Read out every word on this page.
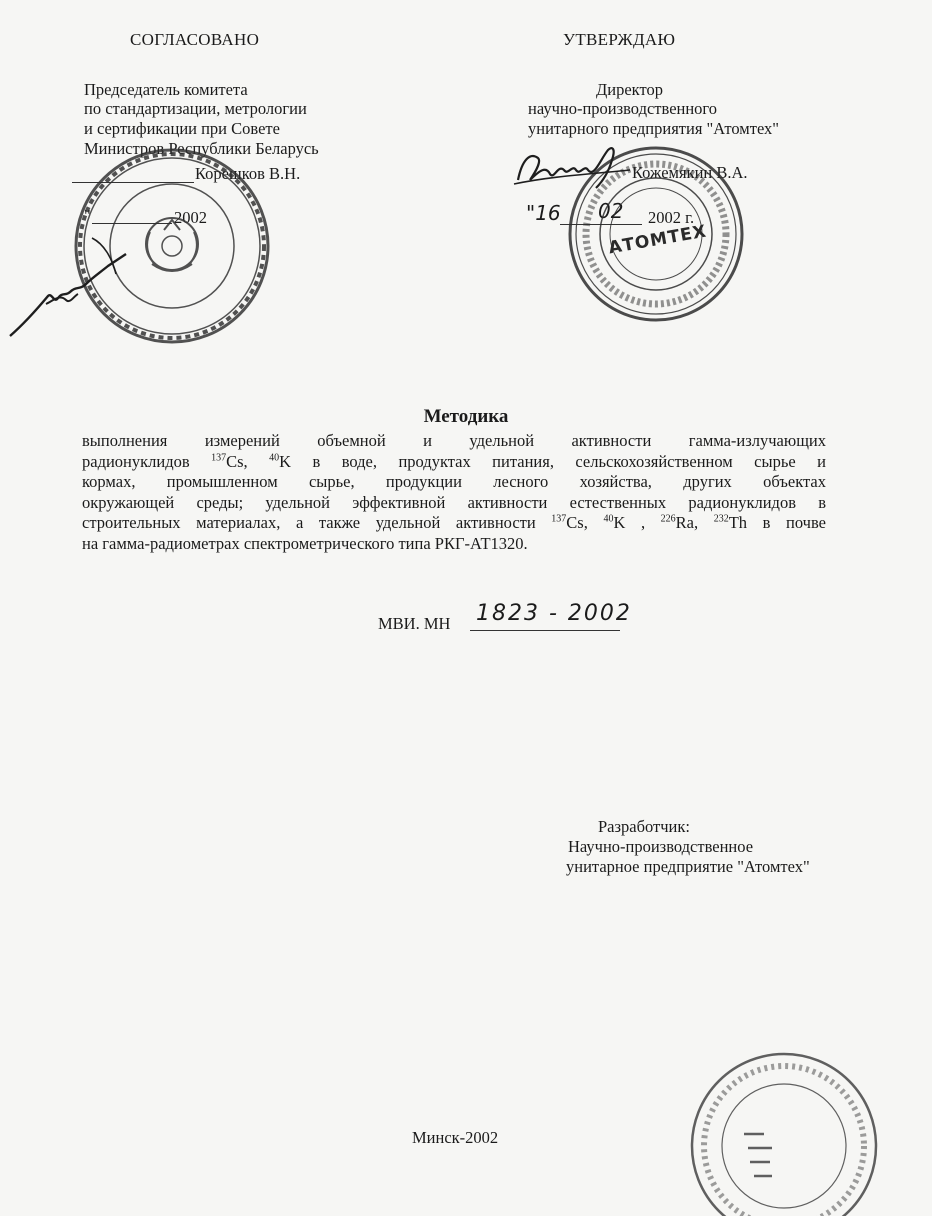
СОГЛАСОВАНО
Председатель комитета
по стандартизации, метрологии
и сертификации при Совете
Министров Республики Беларусь
Корешков В.Н.
"	2002
УТВЕРЖДАЮ
Директор
научно-производственного
унитарного предприятия "Атомтех"
Кожемякин В.А.
"16 02 2002 г.
АТОМТЕХ
Методика
выполнения измерений объемной и удельной активности гамма-излучающих
радионуклидов $^{137}$Cs, $^{40}$K в воде, продуктах питания, сельскохозяйственном сырье и
кормах, промышленном сырье, продукции лесного хозяйства, других объектах
окружающей среды; удельной эффективной активности естественных радионуклидов в
строительных материалах, а также удельной активности $^{137}$Cs, $^{40}$K , $^{226}$Ra, $^{232}$Th в почве
на гамма-радиометрах спектрометрического типа РКГ-АТ1320.
МВИ. МН 1823 - 2002
Разработчик:
Научно-производственное
унитарное предприятие "Атомтех"
Минск-2002
